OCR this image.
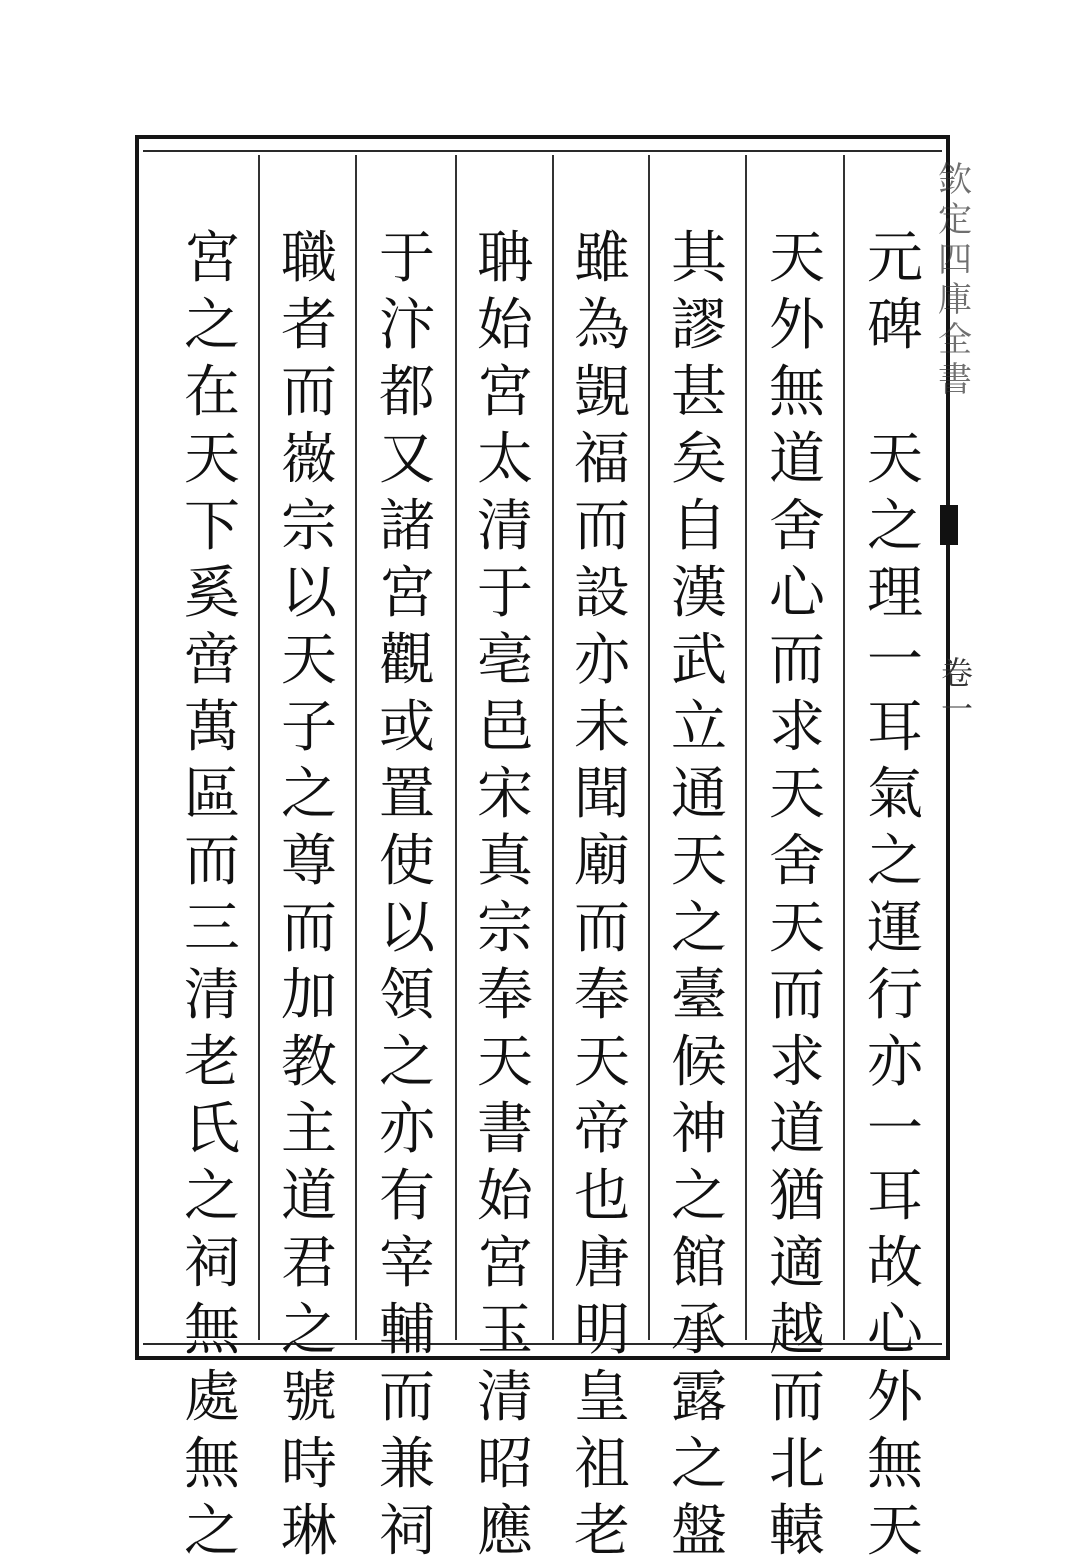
欽
定
四
庫
全
書
卷
一
元
碑
天
之
理
一
耳
氣
之
運
行
亦
一
耳
故
心
外
無
天
天
外
無
道
舍
心
而
求
天
舍
天
而
求
道
猶
適
越
而
北
轅
其
謬
甚
矣
自
漢
武
立
通
天
之
臺
候
神
之
館
承
露
之
盤
雖
為
覬
福
而
設
亦
未
聞
廟
而
奉
天
帝
也
唐
明
皇
祖
老
聃
始
宮
太
清
于
亳
邑
宋
真
宗
奉
天
書
始
宮
玉
清
昭
應
于
汴
都
又
諸
宮
觀
或
置
使
以
領
之
亦
有
宰
輔
而
兼
祠
職
者
而
嶶
宗
以
天
子
之
尊
而
加
教
主
道
君
之
號
時
琳
宮
之
在
天
下
奚
啻
萬
區
而
三
清
老
氏
之
祠
無
處
無
之
